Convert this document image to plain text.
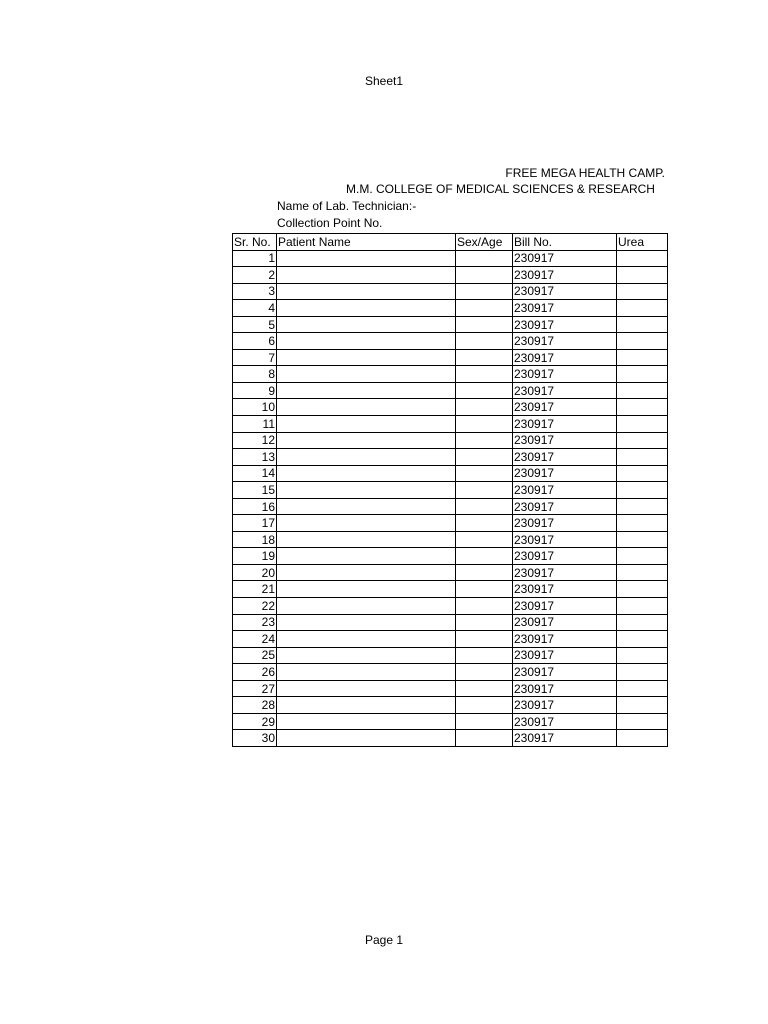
Sheet1
FREE MEGA HEALTH CAMP.
M.M. COLLEGE OF MEDICAL SCIENCES & RESEARCH
Name of Lab. Technician:-
Collection Point No.
Sr. No.	Patient Name	Sex/Age	Bill No.	Urea
1			230917	
2			230917	
3			230917	
4			230917	
5			230917	
6			230917	
7			230917	
8			230917	
9			230917	
10			230917	
11			230917	
12			230917	
13			230917	
14			230917	
15			230917	
16			230917	
17			230917	
18			230917	
19			230917	
20			230917	
21			230917	
22			230917	
23			230917	
24			230917	
25			230917	
26			230917	
27			230917	
28			230917	
29			230917	
30			230917	
Page 1
